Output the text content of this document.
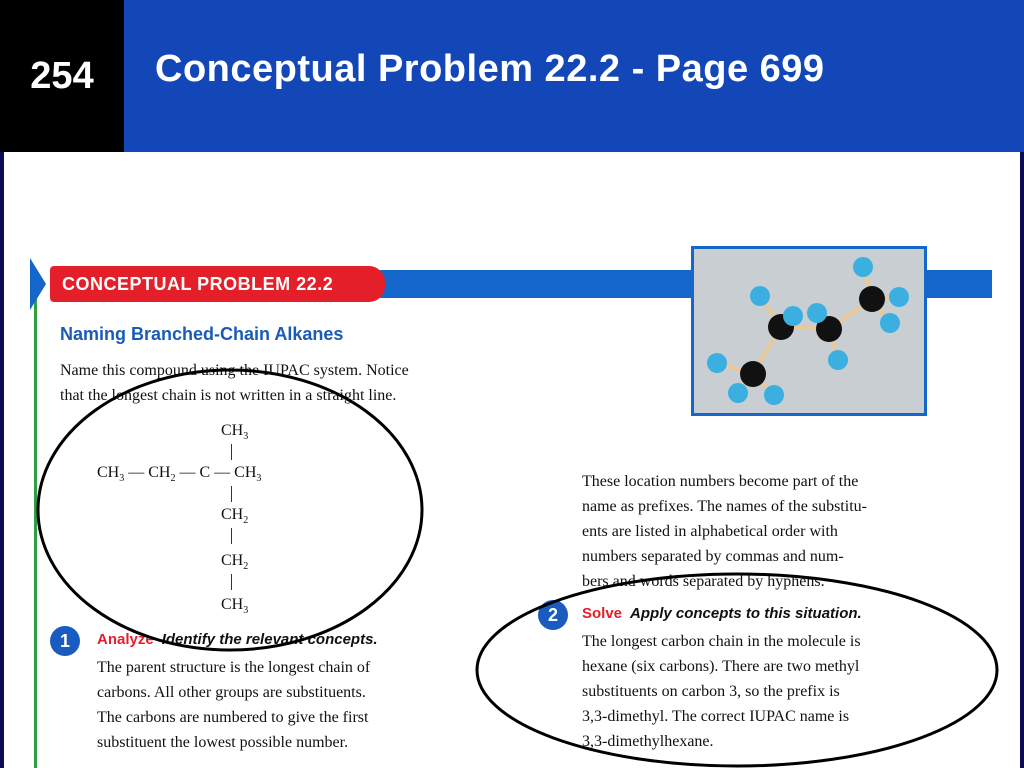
254	Conceptual Problem 22.2 - Page 699
CONCEPTUAL PROBLEM 22.2
Naming Branched-Chain Alkanes
Name this compound using the IUPAC system. Notice
that the longest chain is not written in a straight line.
$CH_3$
$CH_3$ — $CH_2$ — C — $CH_3$
$CH_2$
$CH_2$
$CH_3$
1	Analyze Identify the relevant concepts.
The parent structure is the longest chain of
carbons. All other groups are substituents.
The carbons are numbered to give the first
substituent the lowest possible number.
These location numbers become part of the
name as prefixes. The names of the substitu-
ents are listed in alphabetical order with
numbers separated by commas and num-
bers and words separated by hyphens.
2	Solve Apply concepts to this situation.
The longest carbon chain in the molecule is
hexane (six carbons). There are two methyl
substituents on carbon 3, so the prefix is
3,3-dimethyl. The correct IUPAC name is
3,3-dimethylhexane.
